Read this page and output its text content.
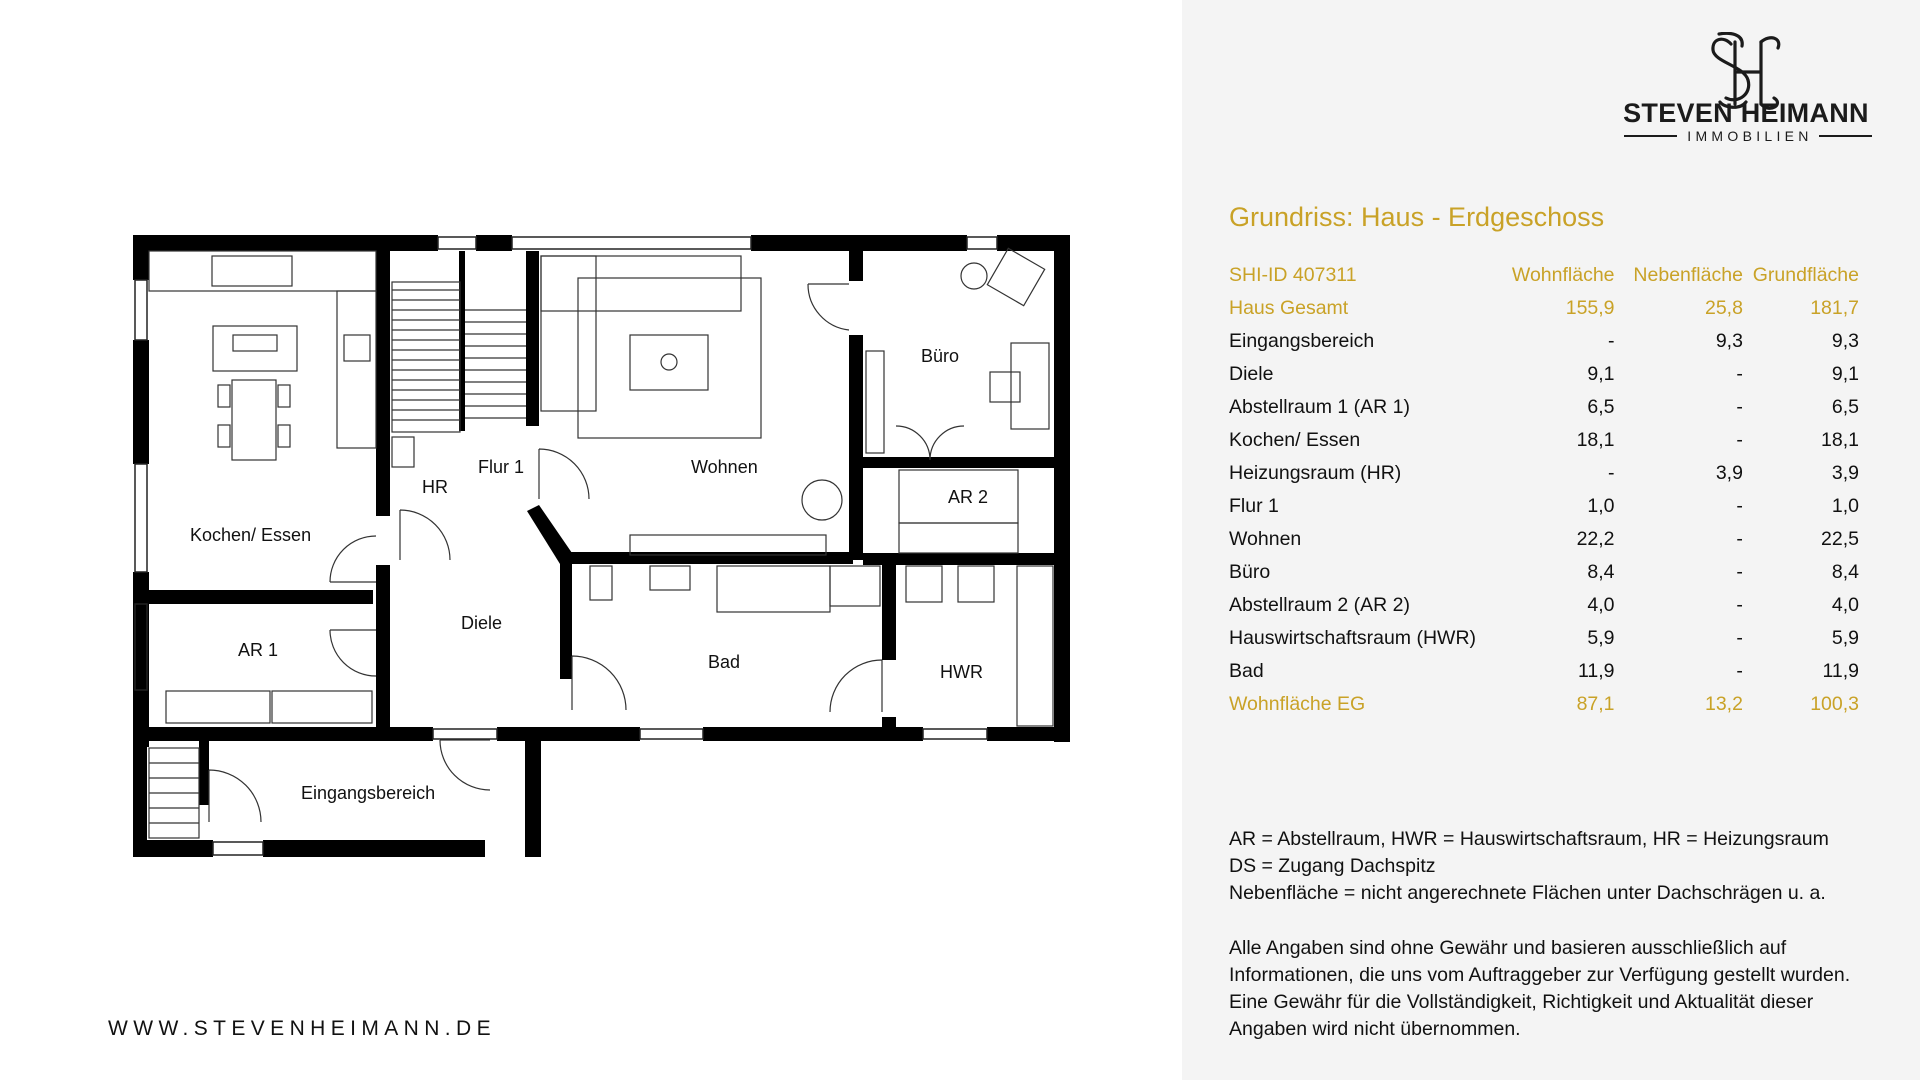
Kochen/ Essen
HR
Flur 1	Wohnen
Büro
AR 2
AR 1
Diele
Bad	HWR
Eingangsbereich
WWW.STEVENHEIMANN.DE
STEVEN HEIMANN
IMMOBILIEN
Grundriss: Haus - Erdgeschoss
SHI-ID 407311	Wohnfläche	Nebenfläche	Grundfläche
Haus Gesamt	155,9	25,8	181,7
Eingangsbereich	-	9,3	9,3
Diele	9,1	-	9,1
Abstellraum 1 (AR 1)	6,5	-	6,5
Kochen/ Essen	18,1	-	18,1
Heizungsraum (HR)	-	3,9	3,9
Flur 1	1,0	-	1,0
Wohnen	22,2	-	22,5
Büro	8,4	-	8,4
Abstellraum 2 (AR 2)	4,0	-	4,0
Hauswirtschaftsraum (HWR)	5,9	-	5,9
Bad	11,9	-	11,9
Wohnfläche EG	87,1	13,2	100,3
AR = Abstellraum, HWR = Hauswirtschaftsraum, HR = Heizungsraum
DS = Zugang Dachspitz
Nebenfläche = nicht angerechnete Flächen unter Dachschrägen u. a.
Alle Angaben sind ohne Gewähr und basieren ausschließlich auf
Informationen, die uns vom Auftraggeber zur Verfügung gestellt wurden.
Eine Gewähr für die Vollständigkeit, Richtigkeit und Aktualität dieser
Angaben wird nicht übernommen.
